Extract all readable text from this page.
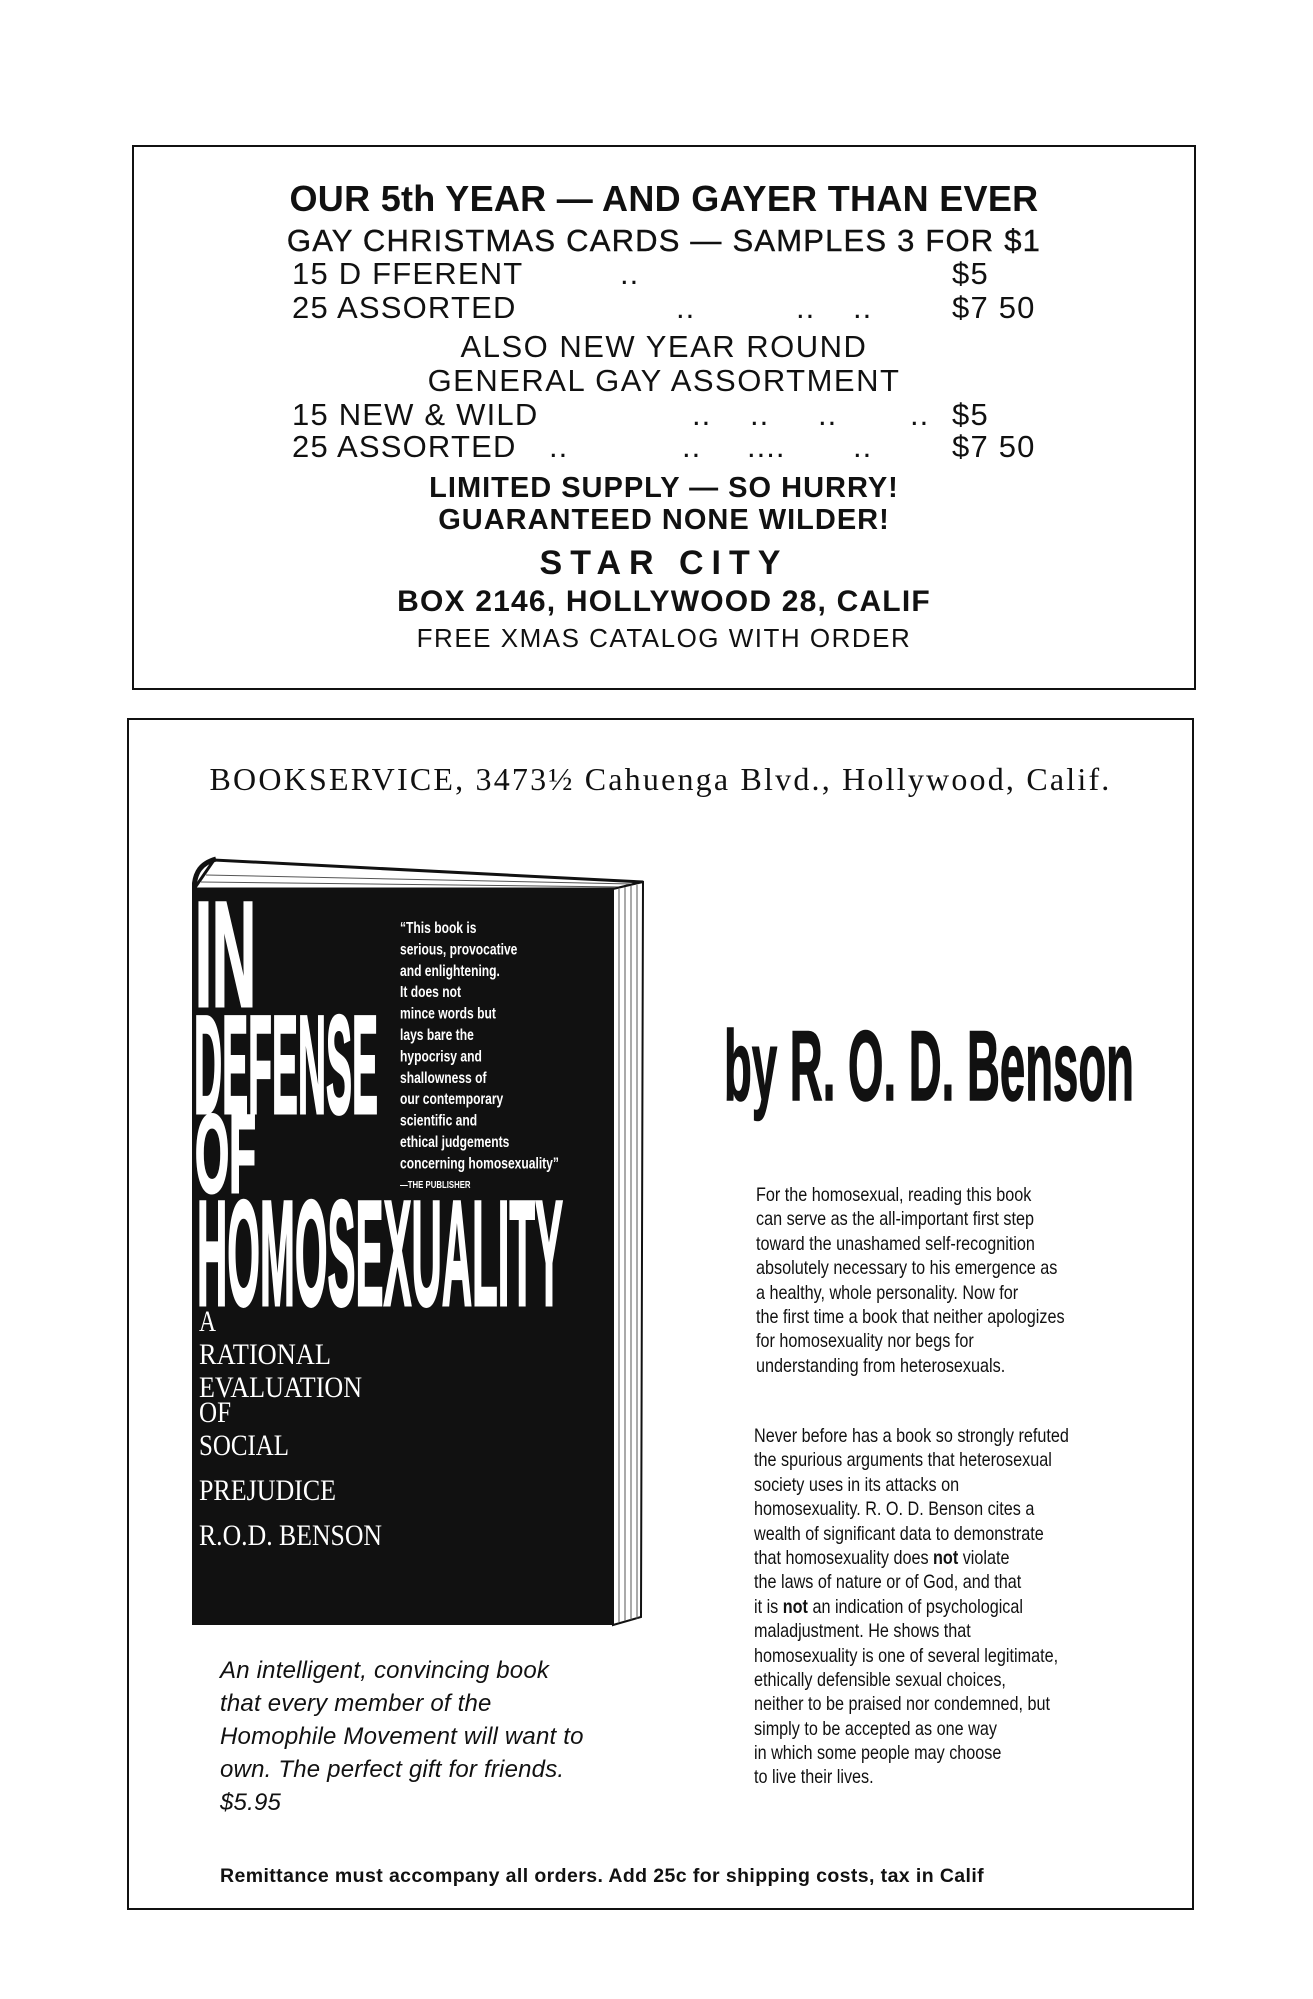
OUR 5th YEAR — AND GAYER THAN EVER
GAY CHRISTMAS CARDS — SAMPLES 3 FOR $1
15 D FFERENT	..	$5
25 ASSORTED	..	.. ..	$7 50
ALSO NEW YEAR ROUND
GENERAL GAY ASSORTMENT
15 NEW & WILD	.. .. .. .. $5
25 ASSORTED ..	.. .... ..	$7 50
LIMITED SUPPLY — SO HURRY!
GUARANTEED NONE WILDER!
STAR CITY
BOX 2146, HOLLYWOOD 28, CALIF
FREE XMAS CATALOG WITH ORDER
BOOKSERVICE, 3473½ Cahuenga Blvd., Hollywood, Calif.
IN
DEFENSE
OF
HOMOSEXUALITY
“This book is
serious, provocative
and enlightening.
It does not
mince words but
lays bare the
hypocrisy and
shallowness of
our contemporary
scientific and
ethical judgements
concerning homosexuality”
—THE PUBLISHER
A
RATIONAL
EVALUATION
OF
SOCIAL
PREJUDICE
R.O.D. BENSON
by R. O. D. Benson
For the homosexual, reading this book
can serve as the all-important first step
toward the unashamed self-recognition
absolutely necessary to his emergence as
a healthy, whole personality. Now for
the first time a book that neither apologizes
for homosexuality nor begs for
understanding from heterosexuals.
Never before has a book so strongly refuted
the spurious arguments that heterosexual
society uses in its attacks on
homosexuality. R. O. D. Benson cites a
wealth of significant data to demonstrate
that homosexuality does not violate
the laws of nature or of God, and that
it is not an indication of psychological
maladjustment. He shows that
homosexuality is one of several legitimate,
ethically defensible sexual choices,
neither to be praised nor condemned, but
simply to be accepted as one way
in which some people may choose
to live their lives.
An intelligent, convincing book
that every member of the
Homophile Movement will want to
own. The perfect gift for friends.
$5.95
Remittance must accompany all orders. Add 25c for shipping costs, tax in Calif
